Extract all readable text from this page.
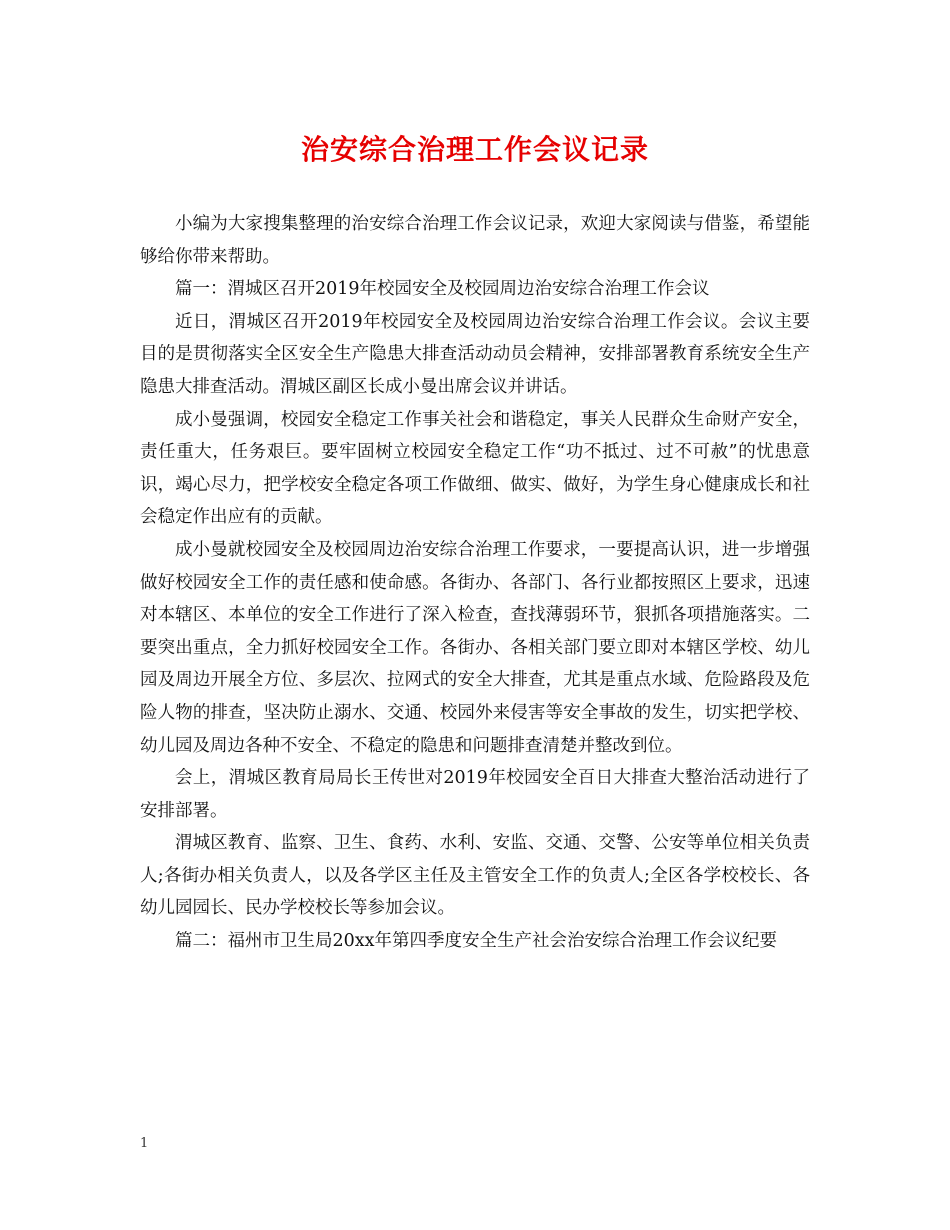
治安综合治理工作会议记录

小编为大家搜集整理的治安综合治理工作会议记录，欢迎大家阅读与借鉴，希望能够给你带来帮助。

篇一：渭城区召开2019年校园安全及校园周边治安综合治理工作会议

近日，渭城区召开2019年校园安全及校园周边治安综合治理工作会议。会议主要目的是贯彻落实全区安全生产隐患大排查活动动员会精神，安排部署教育系统安全生产隐患大排查活动。渭城区副区长成小曼出席会议并讲话。

成小曼强调，校园安全稳定工作事关社会和谐稳定，事关人民群众生命财产安全，责任重大，任务艰巨。要牢固树立校园安全稳定工作“功不抵过、过不可赦”的忧患意识，竭心尽力，把学校安全稳定各项工作做细、做实、做好，为学生身心健康成长和社会稳定作出应有的贡献。

成小曼就校园安全及校园周边治安综合治理工作要求，一要提高认识，进一步增强做好校园安全工作的责任感和使命感。各街办、各部门、各行业都按照区上要求，迅速对本辖区、本单位的安全工作进行了深入检查，查找薄弱环节，狠抓各项措施落实。二要突出重点，全力抓好校园安全工作。各街办、各相关部门要立即对本辖区学校、幼儿园及周边开展全方位、多层次、拉网式的安全大排查，尤其是重点水域、危险路段及危险人物的排查，坚决防止溺水、交通、校园外来侵害等安全事故的发生，切实把学校、幼儿园及周边各种不安全、不稳定的隐患和问题排查清楚并整改到位。

会上，渭城区教育局局长王传世对2019年校园安全百日大排查大整治活动进行了安排部署。

渭城区教育、监察、卫生、食药、水利、安监、交通、交警、公安等单位相关负责人;各街办相关负责人，以及各学区主任及主管安全工作的负责人;全区各学校校长、各幼儿园园长、民办学校校长等参加会议。

篇二：福州市卫生局20xx年第四季度安全生产社会治安综合治理工作会议纪要

1
